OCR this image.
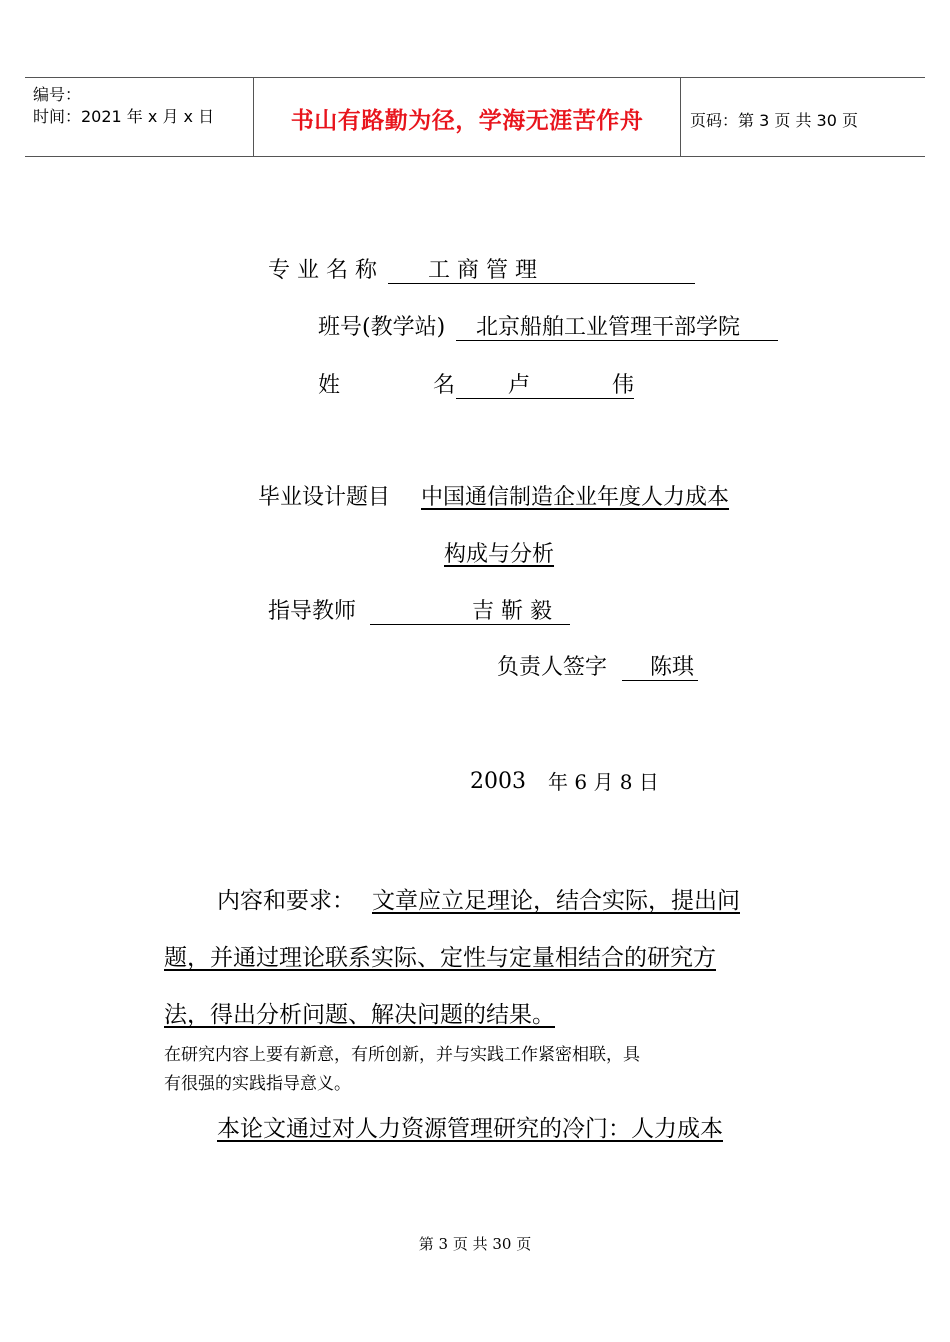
编号：
时间：2021 年 x 月 x 日	书山有路勤为径，学海无涯苦作舟	页码：第 3 页 共 30 页
专 业 名 称 工 商 管 理
班号(教学站) 北京船舶工业管理干部学院
姓	名 卢	伟
毕业设计题目 中国通信制造企业年度人力成本
构成与分析
指导教师	吉 靳 毅
负责人签字 陈琪
2003 年 6 月 8 日
内容和要求： 文章应立足理论，结合实际，提出问
题，并通过理论联系实际、定性与定量相结合的研究方
法，得出分析问题、解决问题的结果。
在研究内容上要有新意，有所创新，并与实践工作紧密相联，具
有很强的实践指导意义。
本论文通过对人力资源管理研究的冷门：人力成本
第 3 页 共 30 页
